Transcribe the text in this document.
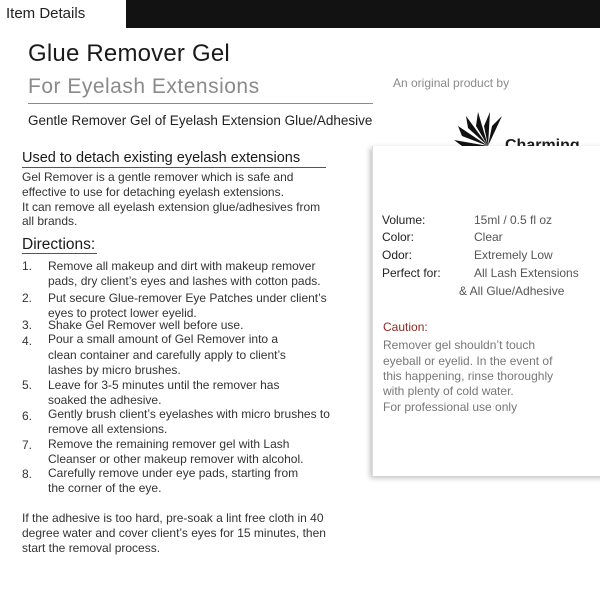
Item Details
Glue Remover Gel
For Eyelash Extensions
Gentle Remover Gel of Eyelash Extension Glue/Adhesive
An original product by
Used to detach existing eyelash extensions
Gel Remover is a gentle remover which is safe and
effective to use for detaching eyelash extensions.
It can remove all eyelash extension glue/adhesives from
all brands.
Directions:
1. Remove all makeup and dirt with makeup remover
pads, dry client’s eyes and lashes with cotton pads.
2. Put secure Glue-remover Eye Patches under client’s
eyes to protect lower eyelid.
3. Shake Gel Remover well before use.
4. Pour a small amount of Gel Remover into a
clean container and carefully apply to client’s
lashes by micro brushes.
5. Leave for 3-5 minutes until the remover has
soaked the adhesive.
6. Gently brush client’s eyelashes with micro brushes to
remove all extensions.
7. Remove the remaining remover gel with Lash
Cleanser or other makeup remover with alcohol.
8. Carefully remove under eye pads, starting from
the corner of the eye.
If the adhesive is too hard, pre-soak a lint free cloth in 40
degree water and cover client’s eyes for 15 minutes, then
start the removal process.
Volume:	15ml / 0.5 fl oz
Color:	Clear
Odor:	Extremely Low
Perfect for:	All Lash Extensions
& All Glue/Adhesive
Caution:
Remover gel shouldn’t touch
eyeball or eyelid. In the event of
this happening, rinse thoroughly
with plenty of cold water.
For professional use only
